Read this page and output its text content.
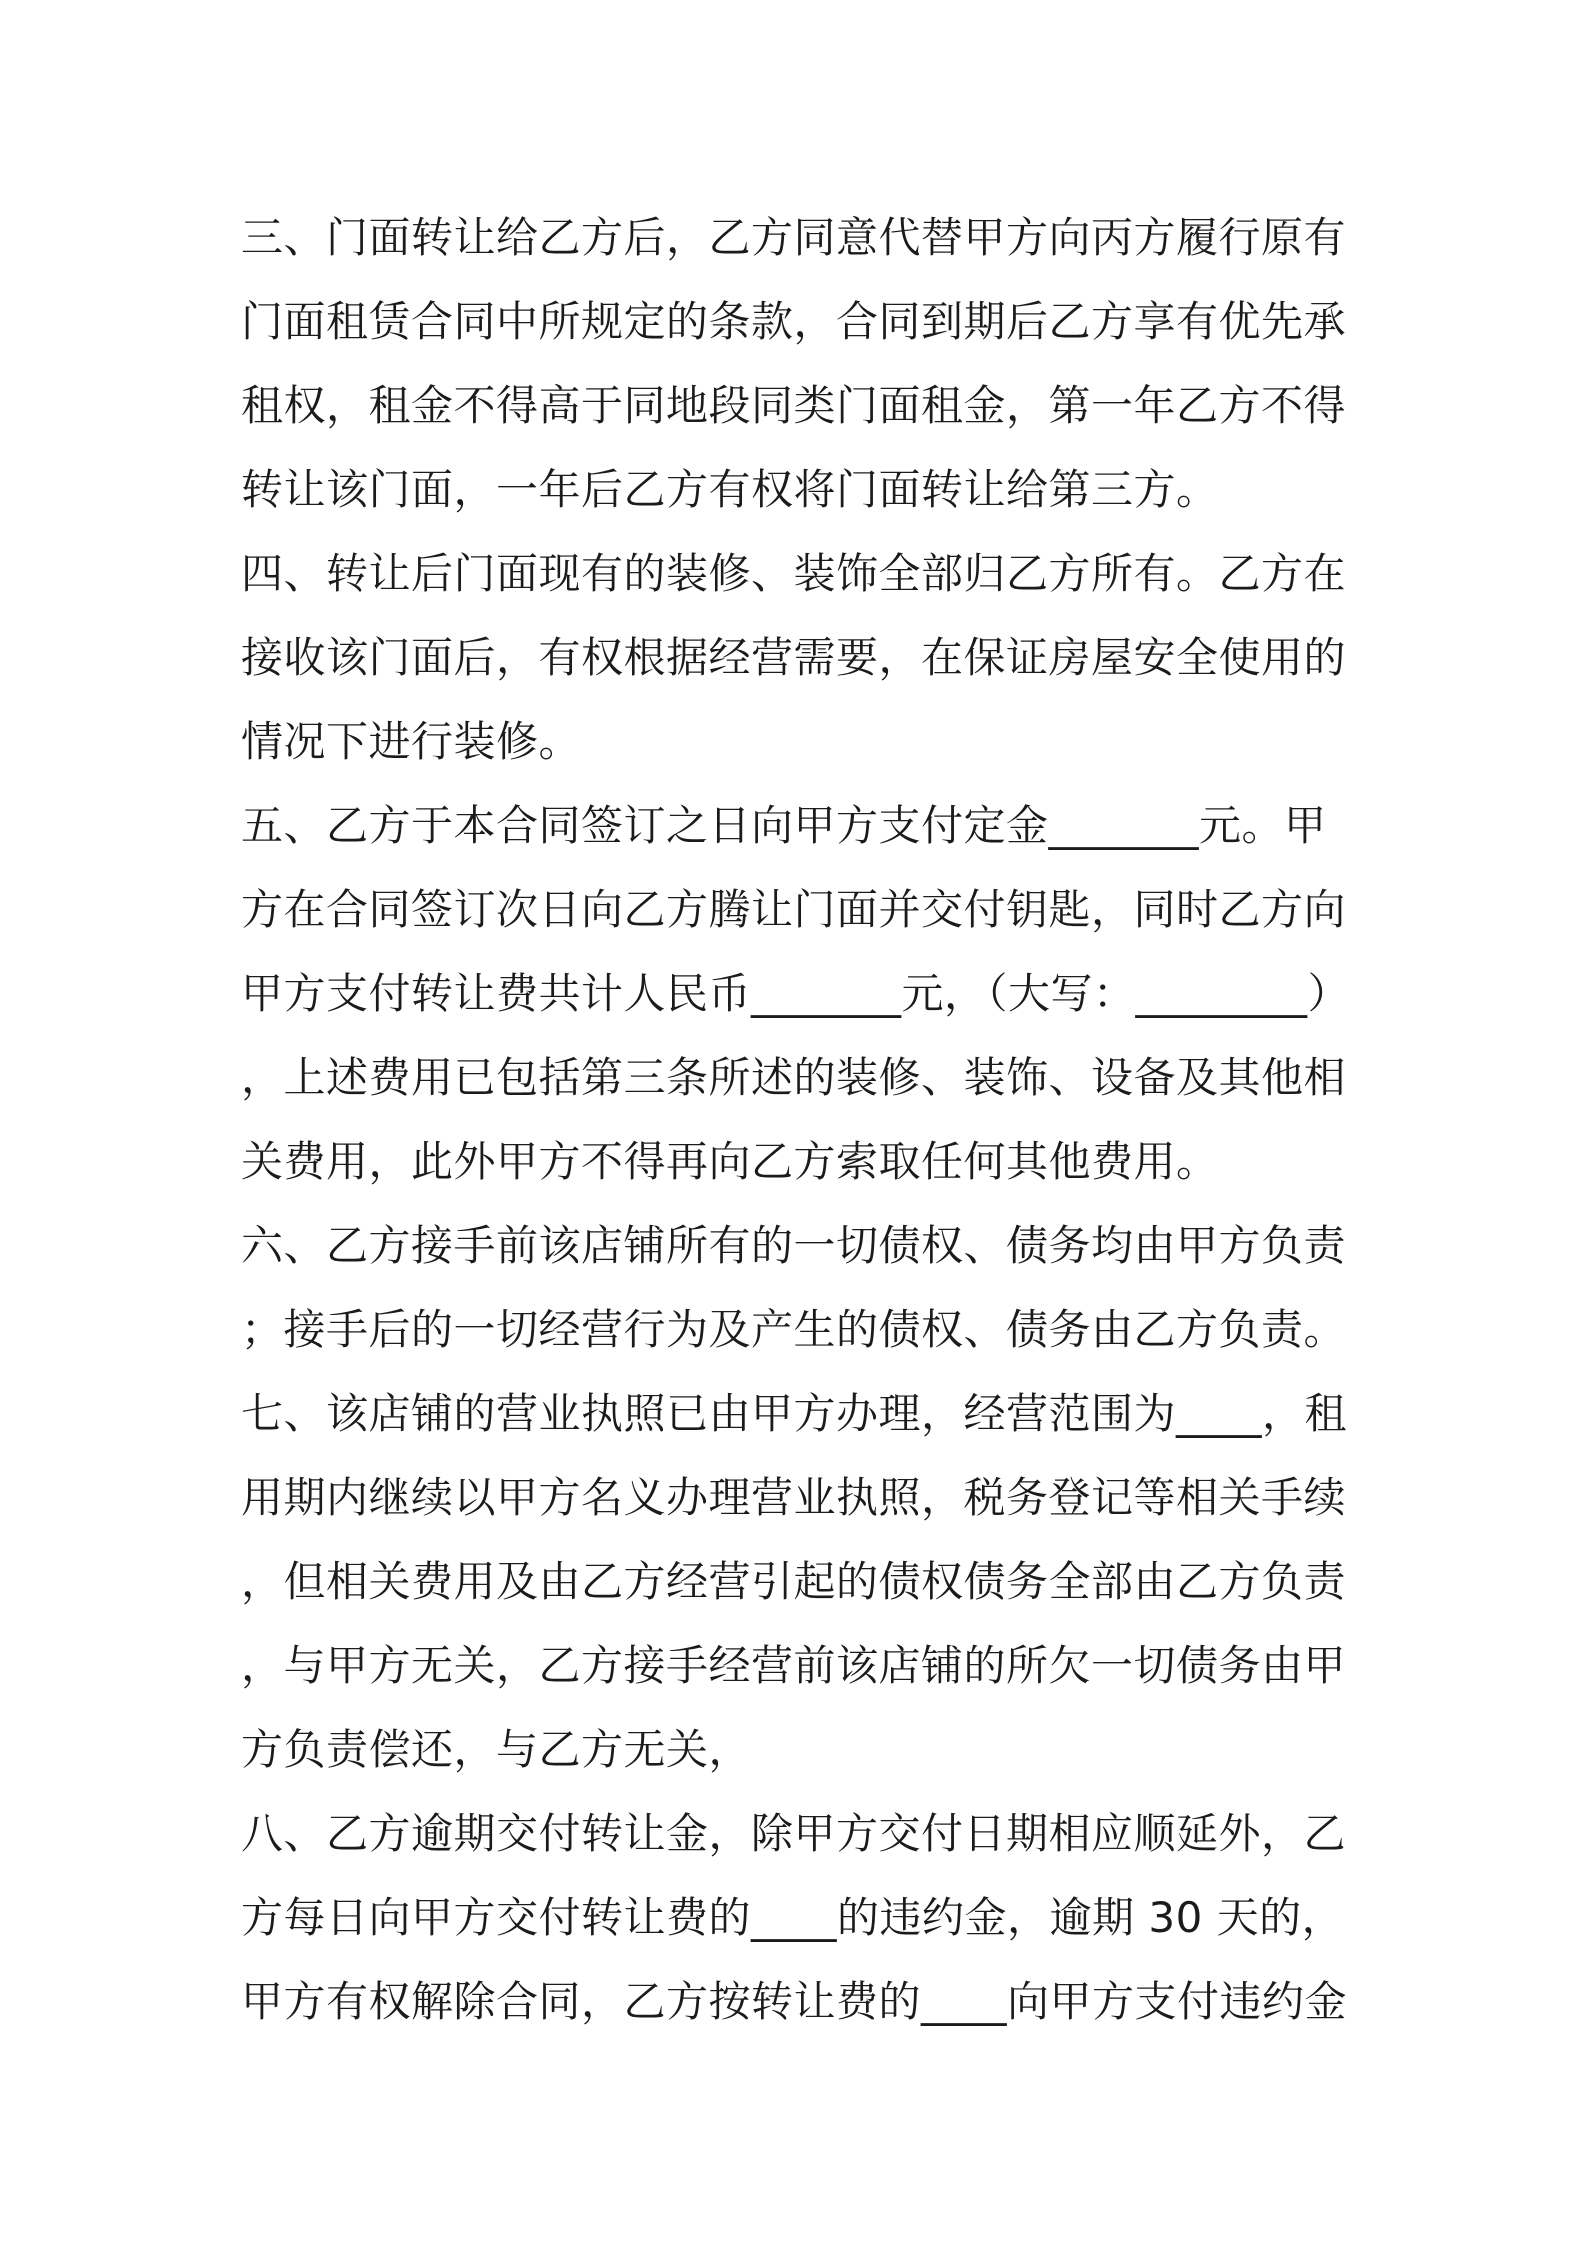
三、门面转让给乙方后，乙方同意代替甲方向丙方履行原有
门面租赁合同中所规定的条款，合同到期后乙方享有优先承
租权，租金不得高于同地段同类门面租金，第一年乙方不得
转让该门面，一年后乙方有权将门面转让给第三方。
四、转让后门面现有的装修、装饰全部归乙方所有。乙方在
接收该门面后，有权根据经营需要，在保证房屋安全使用的
情况下进行装修。
五、乙方于本合同签订之日向甲方支付定金_______元。甲
方在合同签订次日向乙方腾让门面并交付钥匙，同时乙方向
甲方支付转让费共计人民币_______元，（大写：________）
，上述费用已包括第三条所述的装修、装饰、设备及其他相
关费用，此外甲方不得再向乙方索取任何其他费用。
六、乙方接手前该店铺所有的一切债权、债务均由甲方负责
；接手后的一切经营行为及产生的债权、债务由乙方负责。
七、该店铺的营业执照已由甲方办理，经营范围为____，租
用期内继续以甲方名义办理营业执照，税务登记等相关手续
，但相关费用及由乙方经营引起的债权债务全部由乙方负责
，与甲方无关，乙方接手经营前该店铺的所欠一切债务由甲
方负责偿还，与乙方无关，
八、乙方逾期交付转让金，除甲方交付日期相应顺延外，乙
方每日向甲方交付转让费的____的违约金，逾期 30 天的，
甲方有权解除合同，乙方按转让费的____向甲方支付违约金
